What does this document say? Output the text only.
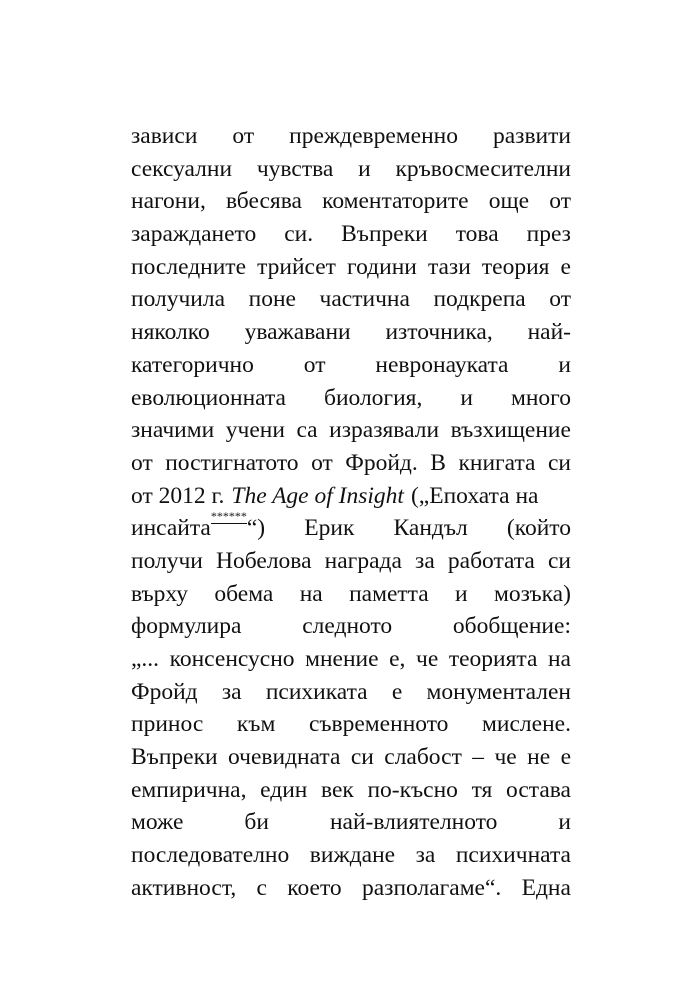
зависи от преждевременно развити
сексуални чувства и кръвосмесителни
нагони, вбесява коментаторите още от
зараждането си. Въпреки това през
последните трийсет години тази теория е
получила поне частична подкрепа от
няколко уважавани източника, най-
категорично от невронауката и
еволюционната биология, и много
значими учени са изразявали възхищение
от постигнатото от Фройд. В книгата си
от 2012 г. The Age of Insight („Епохата на
инсайта ****** “) Ерик Кандъл (който
получи Нобелова награда за работата си
върху обема на паметта и мозъка)
формулира	следното	обобщение:
„... консенсусно мнение е, че теорията на
Фройд за психиката е монументален
принос към съвременното мислене.
Въпреки очевидната си слабост – че не е
емпирична, един век по-късно тя остава
може	би	най-влиятелното	и
последователно виждане за психичната
активност, с което разполагаме“. Една
